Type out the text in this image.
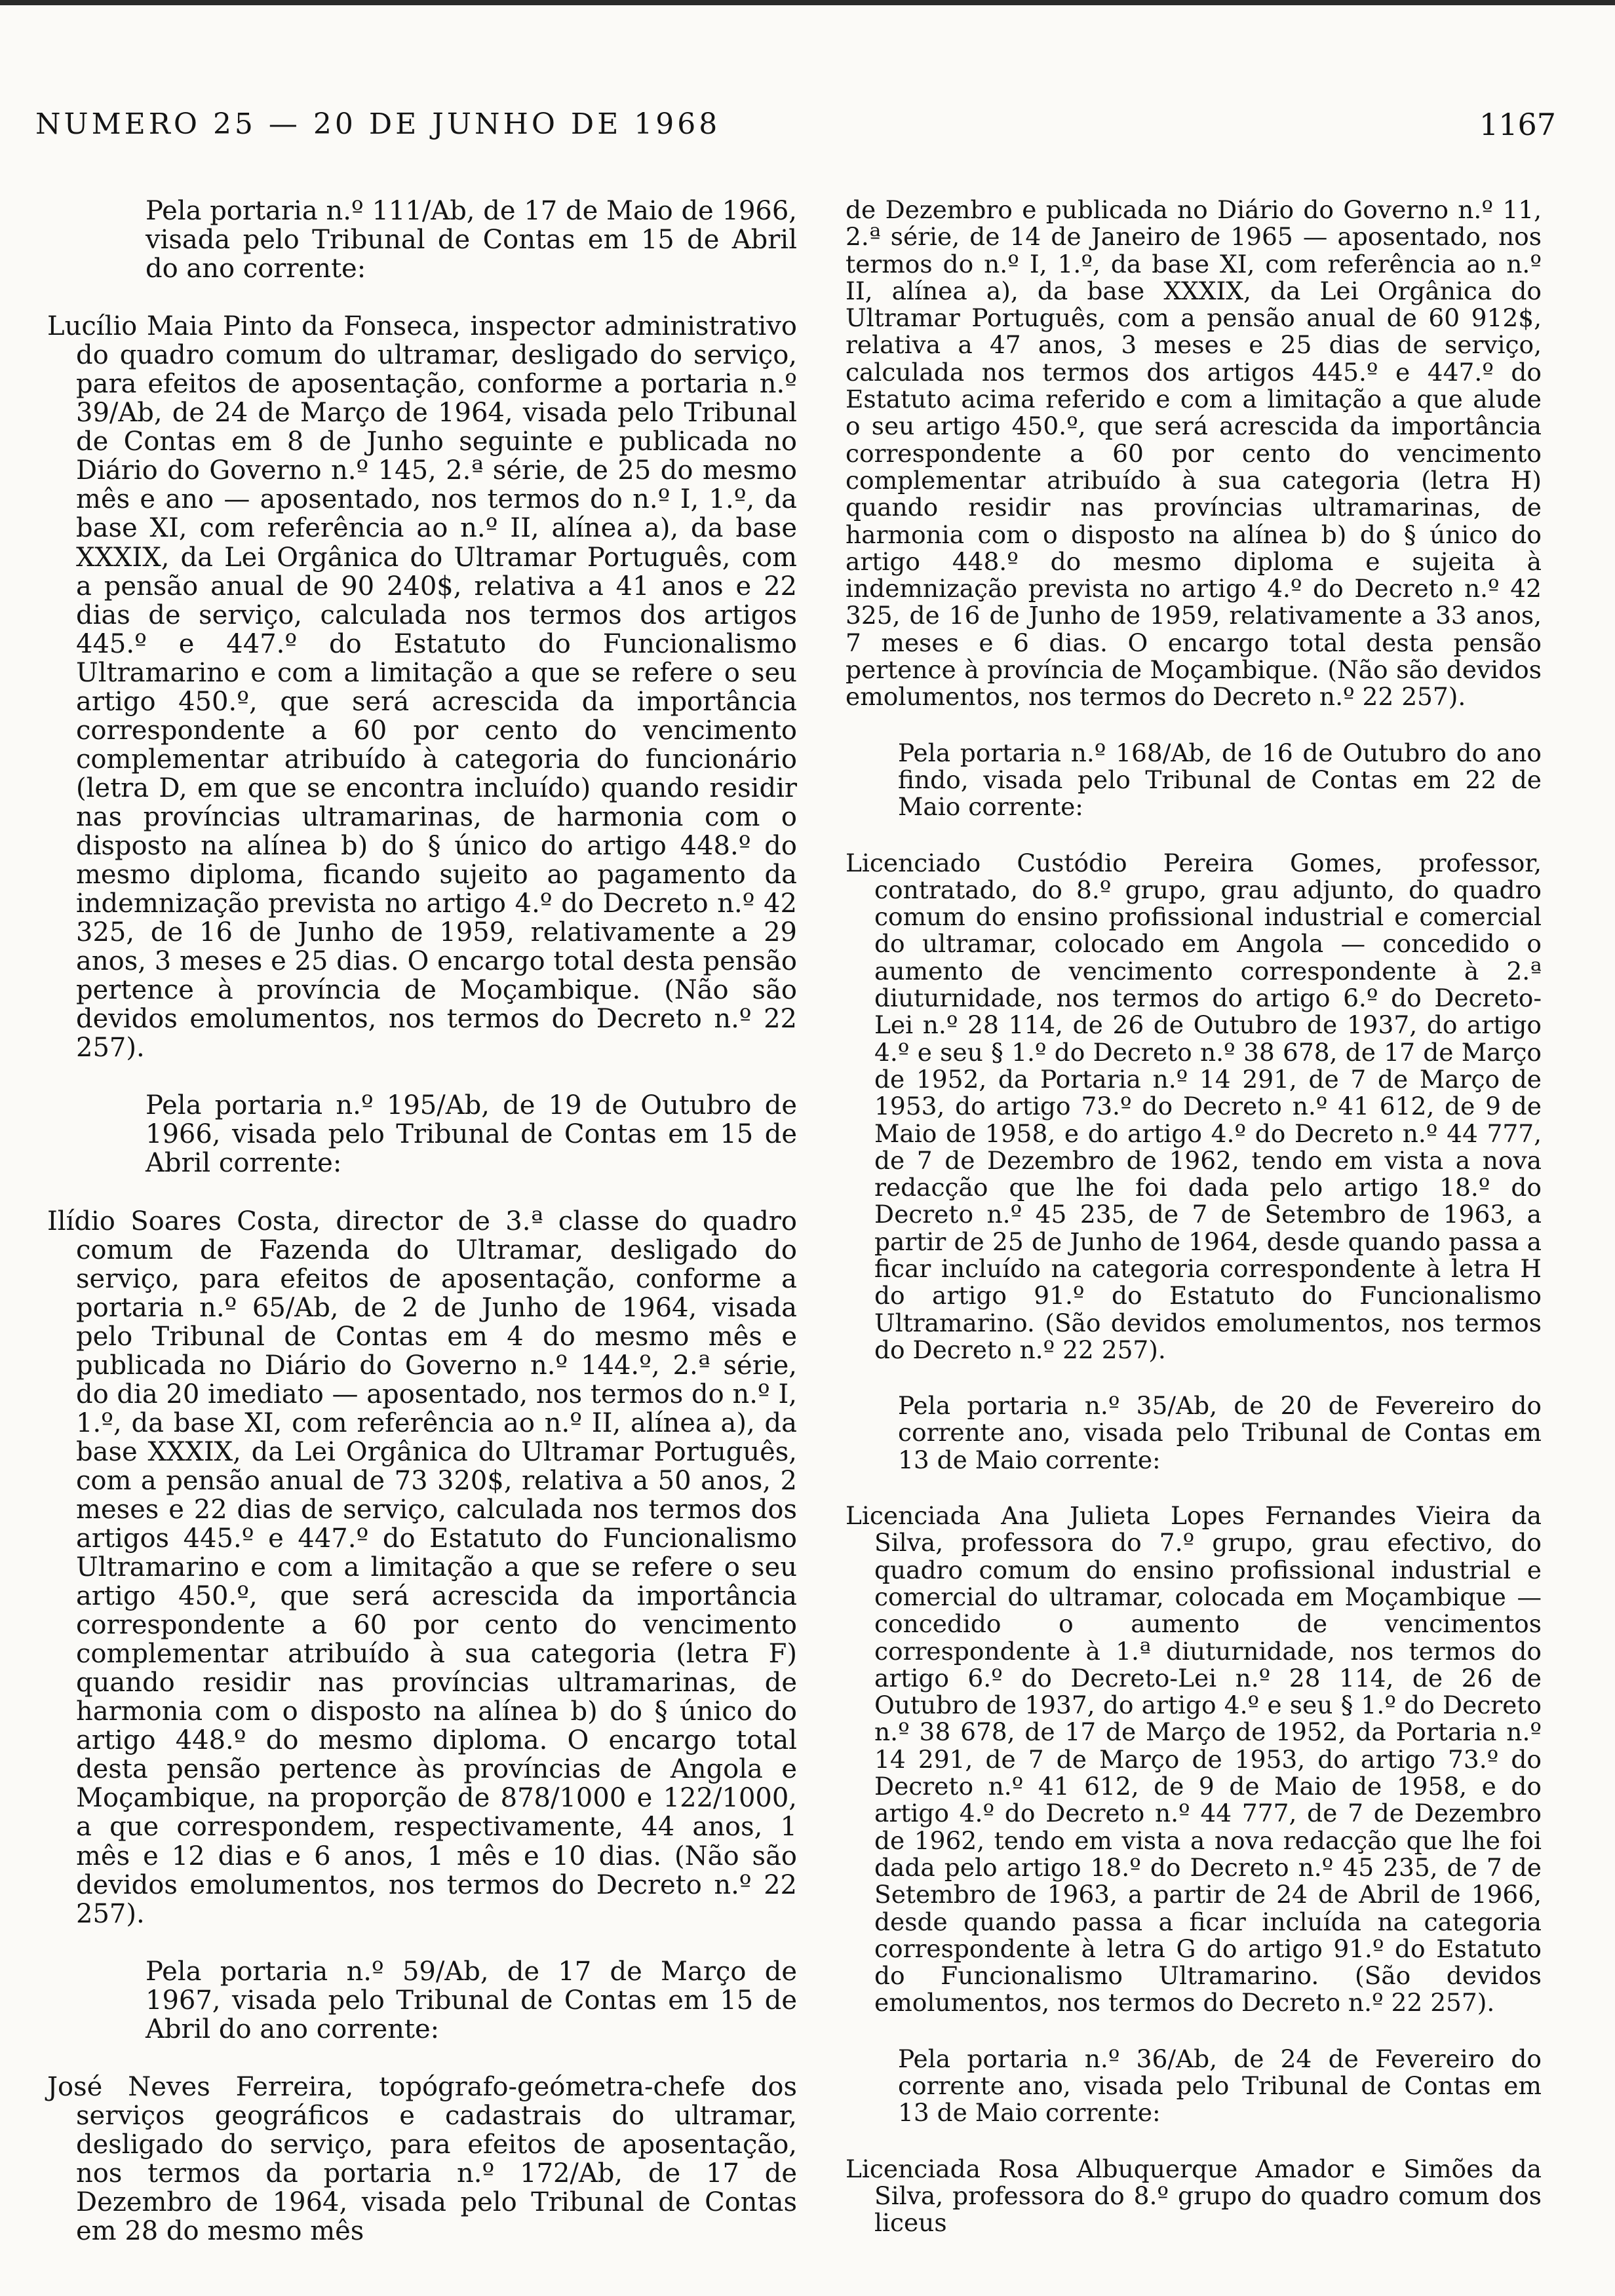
NUMERO 25 — 20 DE JUNHO DE 1968	1167

Pela portaria n.º 111/Ab, de 17 de Maio de 1966, visada pelo Tribunal de Contas em 15 de Abril do ano corrente:

Lucílio Maia Pinto da Fonseca, inspector administrativo do quadro comum do ultramar, desligado do serviço, para efeitos de aposentação, conforme a portaria n.º 39/Ab, de 24 de Março de 1964, visada pelo Tribunal de Contas em 8 de Junho seguinte e publicada no Diário do Governo n.º 145, 2.ª série, de 25 do mesmo mês e ano — aposentado, nos termos do n.º I, 1.º, da base XI, com referência ao n.º II, alínea a), da base XXXIX, da Lei Orgânica do Ultramar Português, com a pensão anual de 90 240$, relativa a 41 anos e 22 dias de serviço, calculada nos termos dos artigos 445.º e 447.º do Estatuto do Funcionalismo Ultramarino e com a limitação a que se refere o seu artigo 450.º, que será acrescida da importância correspondente a 60 por cento do vencimento complementar atribuído à categoria do funcionário (letra D, em que se encontra incluído) quando residir nas províncias ultramarinas, de harmonia com o disposto na alínea b) do § único do artigo 448.º do mesmo diploma, ficando sujeito ao pagamento da indemnização prevista no artigo 4.º do Decreto n.º 42 325, de 16 de Junho de 1959, relativamente a 29 anos, 3 meses e 25 dias. O encargo total desta pensão pertence à província de Moçambique. (Não são devidos emolumentos, nos termos do Decreto n.º 22 257).

Pela portaria n.º 195/Ab, de 19 de Outubro de 1966, visada pelo Tribunal de Contas em 15 de Abril corrente:

Ilídio Soares Costa, director de 3.ª classe do quadro comum de Fazenda do Ultramar, desligado do serviço, para efeitos de aposentação, conforme a portaria n.º 65/Ab, de 2 de Junho de 1964, visada pelo Tribunal de Contas em 4 do mesmo mês e publicada no Diário do Governo n.º 144.º, 2.ª série, do dia 20 imediato — aposentado, nos termos do n.º I, 1.º, da base XI, com referência ao n.º II, alínea a), da base XXXIX, da Lei Orgânica do Ultramar Português, com a pensão anual de 73 320$, relativa a 50 anos, 2 meses e 22 dias de serviço, calculada nos termos dos artigos 445.º e 447.º do Estatuto do Funcionalismo Ultramarino e com a limitação a que se refere o seu artigo 450.º, que será acrescida da importância correspondente a 60 por cento do vencimento complementar atribuído à sua categoria (letra F) quando residir nas províncias ultramarinas, de harmonia com o disposto na alínea b) do § único do artigo 448.º do mesmo diploma. O encargo total desta pensão pertence às províncias de Angola e Moçambique, na proporção de 878/1000 e 122/1000, a que correspondem, respectivamente, 44 anos, 1 mês e 12 dias e 6 anos, 1 mês e 10 dias. (Não são devidos emolumentos, nos termos do Decreto n.º 22 257).

Pela portaria n.º 59/Ab, de 17 de Março de 1967, visada pelo Tribunal de Contas em 15 de Abril do ano corrente:

José Neves Ferreira, topógrafo-geómetra-chefe dos serviços geográficos e cadastrais do ultramar, desligado do serviço, para efeitos de aposentação, nos termos da portaria n.º 172/Ab, de 17 de Dezembro de 1964, visada pelo Tribunal de Contas em 28 do mesmo mês

de Dezembro e publicada no Diário do Governo n.º 11, 2.ª série, de 14 de Janeiro de 1965 — aposentado, nos termos do n.º I, 1.º, da base XI, com referência ao n.º II, alínea a), da base XXXIX, da Lei Orgânica do Ultramar Português, com a pensão anual de 60 912$, relativa a 47 anos, 3 meses e 25 dias de serviço, calculada nos termos dos artigos 445.º e 447.º do Estatuto acima referido e com a limitação a que alude o seu artigo 450.º, que será acrescida da importância correspondente a 60 por cento do vencimento complementar atribuído à sua categoria (letra H) quando residir nas províncias ultramarinas, de harmonia com o disposto na alínea b) do § único do artigo 448.º do mesmo diploma e sujeita à indemnização prevista no artigo 4.º do Decreto n.º 42 325, de 16 de Junho de 1959, relativamente a 33 anos, 7 meses e 6 dias. O encargo total desta pensão pertence à província de Moçambique. (Não são devidos emolumentos, nos termos do Decreto n.º 22 257).

Pela portaria n.º 168/Ab, de 16 de Outubro do ano findo, visada pelo Tribunal de Contas em 22 de Maio corrente:

Licenciado Custódio Pereira Gomes, professor, contratado, do 8.º grupo, grau adjunto, do quadro comum do ensino profissional industrial e comercial do ultramar, colocado em Angola — concedido o aumento de vencimento correspondente à 2.ª diuturnidade, nos termos do artigo 6.º do Decreto-Lei n.º 28 114, de 26 de Outubro de 1937, do artigo 4.º e seu § 1.º do Decreto n.º 38 678, de 17 de Março de 1952, da Portaria n.º 14 291, de 7 de Março de 1953, do artigo 73.º do Decreto n.º 41 612, de 9 de Maio de 1958, e do artigo 4.º do Decreto n.º 44 777, de 7 de Dezembro de 1962, tendo em vista a nova redacção que lhe foi dada pelo artigo 18.º do Decreto n.º 45 235, de 7 de Setembro de 1963, a partir de 25 de Junho de 1964, desde quando passa a ficar incluído na categoria correspondente à letra H do artigo 91.º do Estatuto do Funcionalismo Ultramarino. (São devidos emolumentos, nos termos do Decreto n.º 22 257).

Pela portaria n.º 35/Ab, de 20 de Fevereiro do corrente ano, visada pelo Tribunal de Contas em 13 de Maio corrente:

Licenciada Ana Julieta Lopes Fernandes Vieira da Silva, professora do 7.º grupo, grau efectivo, do quadro comum do ensino profissional industrial e comercial do ultramar, colocada em Moçambique — concedido o aumento de vencimentos correspondente à 1.ª diuturnidade, nos termos do artigo 6.º do Decreto-Lei n.º 28 114, de 26 de Outubro de 1937, do artigo 4.º e seu § 1.º do Decreto n.º 38 678, de 17 de Março de 1952, da Portaria n.º 14 291, de 7 de Março de 1953, do artigo 73.º do Decreto n.º 41 612, de 9 de Maio de 1958, e do artigo 4.º do Decreto n.º 44 777, de 7 de Dezembro de 1962, tendo em vista a nova redacção que lhe foi dada pelo artigo 18.º do Decreto n.º 45 235, de 7 de Setembro de 1963, a partir de 24 de Abril de 1966, desde quando passa a ficar incluída na categoria correspondente à letra G do artigo 91.º do Estatuto do Funcionalismo Ultramarino. (São devidos emolumentos, nos termos do Decreto n.º 22 257).

Pela portaria n.º 36/Ab, de 24 de Fevereiro do corrente ano, visada pelo Tribunal de Contas em 13 de Maio corrente:

Licenciada Rosa Albuquerque Amador e Simões da Silva, professora do 8.º grupo do quadro comum dos liceus
